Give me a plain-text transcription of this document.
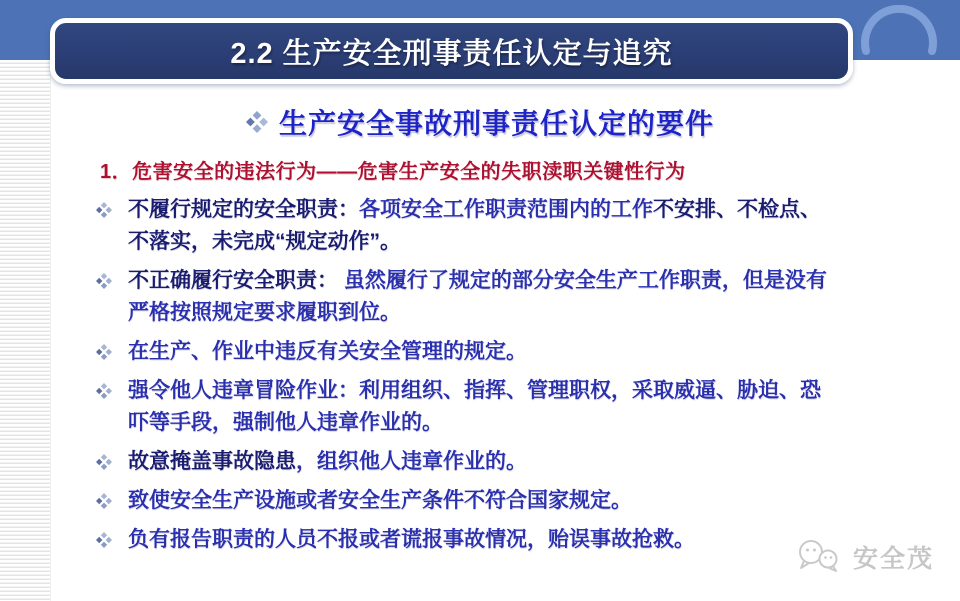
2.2 生产安全刑事责任认定与追究
生产安全事故刑事责任认定的要件
1．危害安全的违法行为——危害生产安全的失职渎职关键性行为
不履行规定的安全职责：各项安全工作职责范围内的工作不安排、不检点、不落实，未完成“规定动作”。
不正确履行安全职责： 虽然履行了规定的部分安全生产工作职责，但是没有严格按照规定要求履职到位。
在生产、作业中违反有关安全管理的规定。
强令他人违章冒险作业：利用组织、指挥、管理职权，采取威逼、胁迫、恐吓等手段，强制他人违章作业的。
故意掩盖事故隐患，组织他人违章作业的。
致使安全生产设施或者安全生产条件不符合国家规定。
负有报告职责的人员不报或者谎报事故情况，贻误事故抢救。
安全茂
